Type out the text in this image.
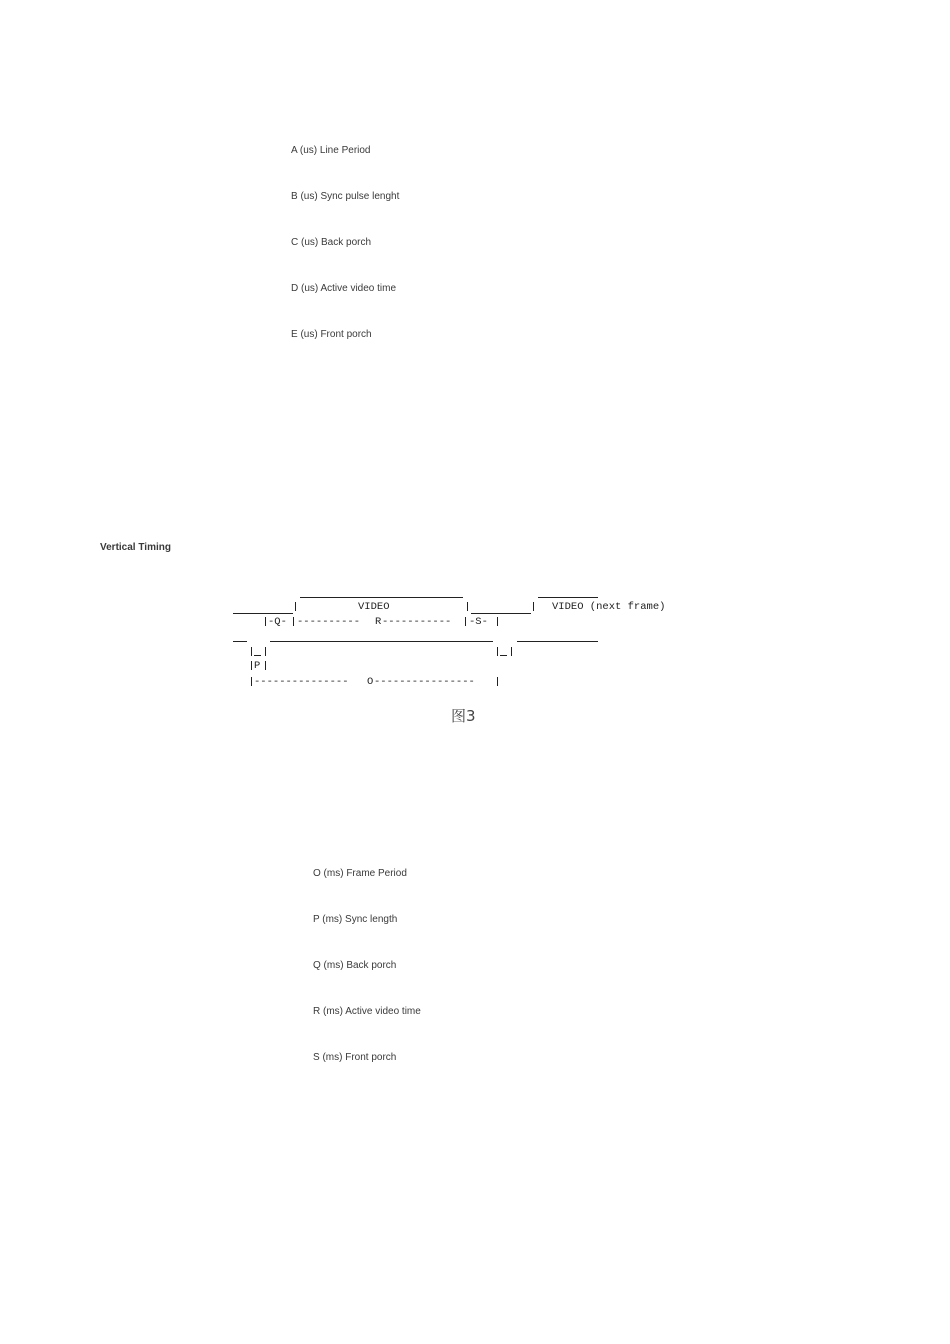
A (us) Line Period
B (us) Sync pulse lenght
C (us) Back porch
D (us) Active video time
E (us) Front porch
Vertical Timing
VIDEO	VIDEO (next frame)
-Q- ---------- R ----------- -S-
P
--------------- O ----------------
图3
O (ms) Frame Period
P (ms) Sync length
Q (ms) Back porch
R (ms) Active video time
S (ms) Front porch
